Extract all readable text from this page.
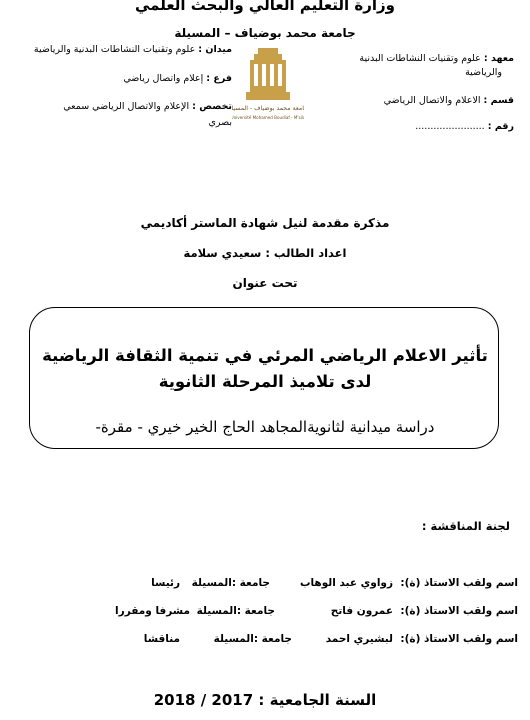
وزارة التعليم العالي والبحث العلمي
جامعة محمد بوضياف – المسيلة
معهد : علوم وتقنيات النشاطات البدنية
والرياضية
قسم : الاعلام والاتصال الرياضي
رقم : .......................
ميدان : علوم وتقنيات النشاطات البدنية والرياضية
فرع : إعلام واتصال رياضي
تخصص : الإعلام والاتصال الرياضي سمعي
بصري
جامعة محمد بوضياف - المسيلة
Université Mohamed Boudiaf - M'sila
مذكرة مقدمة لنيل شهادة الماستر أكاديمي
اعداد الطالب : سعيدي سلامة
تحت عنوان
تأثير الاعلام الرياضي المرئي في تنمية الثقافة الرياضية
لدى تلاميذ المرحلة الثانوية
دراسة ميدانية لثانويةالمجاهد الحاج الخير خيري - مقرة-
لجنة المناقشة :
اسم ولقب الاستاذ (ة):
زواوي عبد الوهاب
جامعة :المسيلة
رئيسا
اسم ولقب الاستاذ (ة):
عمرون فاتح
جامعة :المسيلة
مشرفا ومقررا
اسم ولقب الاستاذ (ة):
لبشيري احمد
جامعة :المسيلة
مناقشا
السنة الجامعية : 2017 / 2018
